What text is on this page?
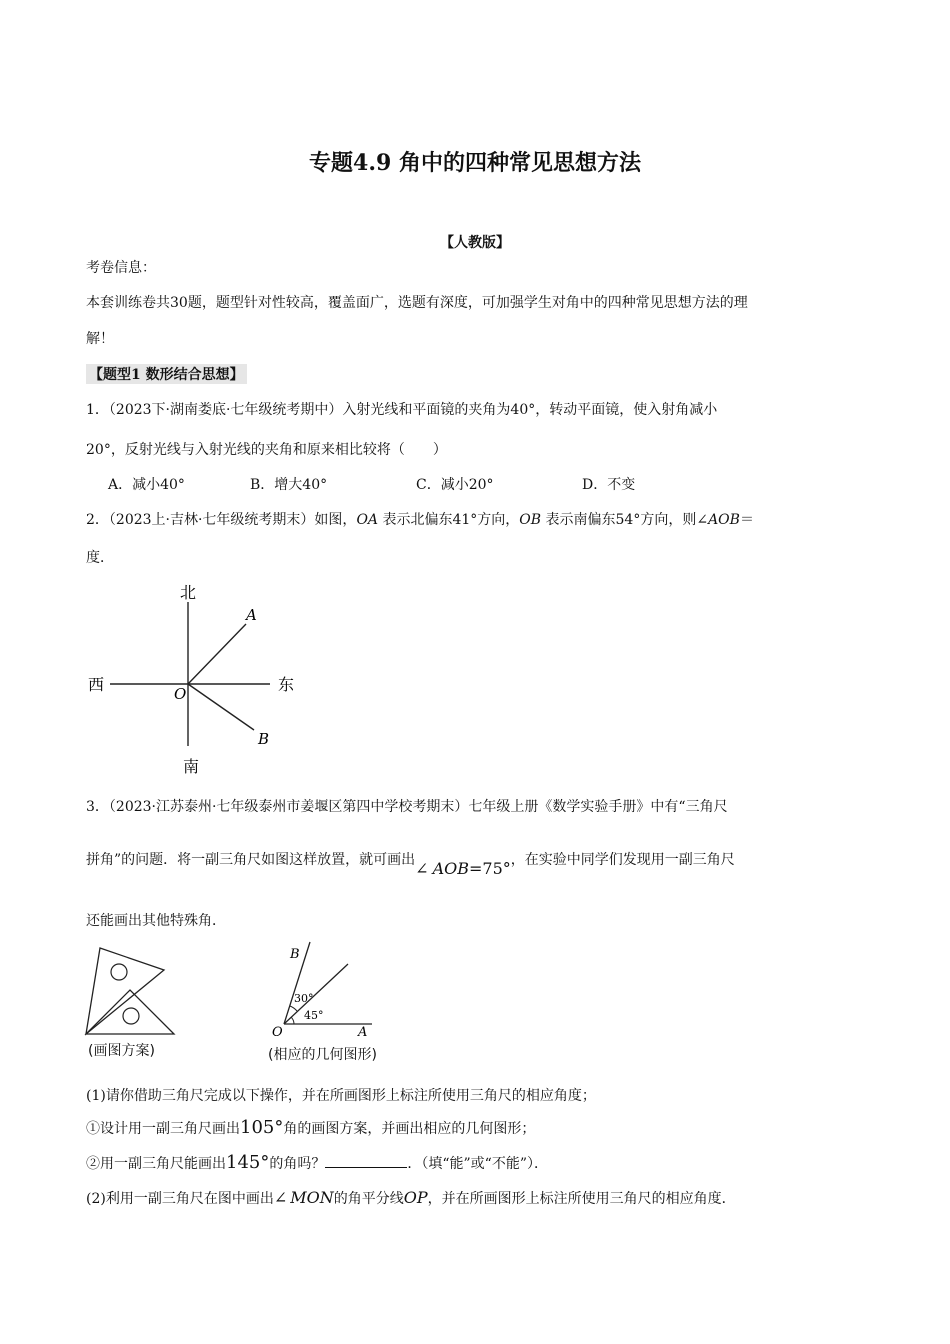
专题4.9 角中的四种常见思想方法
【人教版】
考卷信息：
本套训练卷共30题，题型针对性较高，覆盖面广，选题有深度，可加强学生对角中的四种常见思想方法的理
解！
【题型1 数形结合思想】
1．（2023下·湖南娄底·七年级统考期中）入射光线和平面镜的夹角为40°，转动平面镜，使入射角减小
20°，反射光线与入射光线的夹角和原来相比较将（　　）
A．减小40°	B．增大40°	C．减小20°	D．不变
2．（2023上·吉林·七年级统考期末）如图，OA 表示北偏东41°方向，OB 表示南偏东54°方向，则∠AOB＝
度．
北
南
西	东
O
A
B
3．（2023·江苏泰州·七年级泰州市姜堰区第四中学校考期末）七年级上册《数学实验手册》中有“三角尺
拼角”的问题．将一副三角尺如图这样放置，就可画出∠ AOB=75°，在实验中同学们发现用一副三角尺
还能画出其他特殊角．
(画图方案)
B
O	A
30°
45°
(相应的几何图形)
(1)请你借助三角尺完成以下操作，并在所画图形上标注所使用三角尺的相应角度；
①设计用一副三角尺画出105°角的画图方案，并画出相应的几何图形；
②用一副三角尺能画出145°的角吗？	．（填“能”或“不能”）．
(2)利用一副三角尺在图中画出∠ MON的角平分线OP，并在所画图形上标注所使用三角尺的相应角度．
